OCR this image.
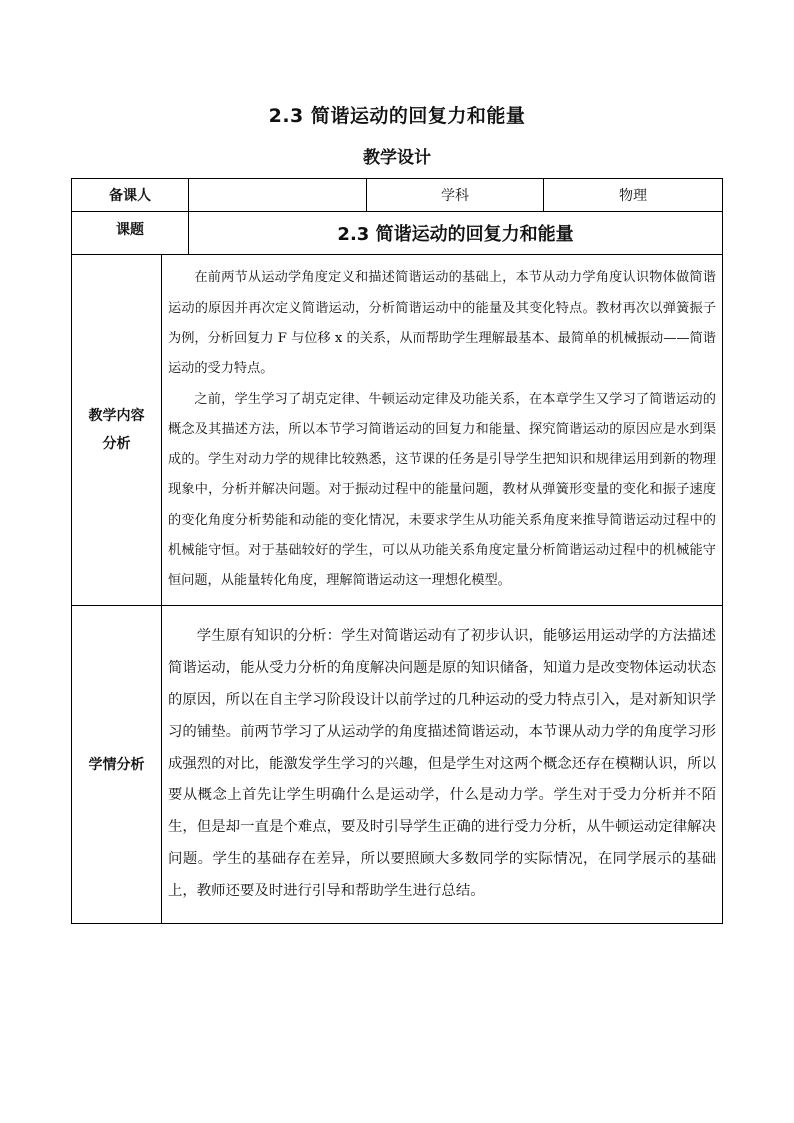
2.3 简谐运动的回复力和能量
教学设计
备课人			学科	物理
课题		2.3 简谐运动的回复力和能量		

教学内容分析	在前两节从运动学角度定义和描述简谐运动的基础上，本节从动力学角度认识物体做简谐运动的原因并再次定义简谐运动，分析简谐运动中的能量及其变化特点。教材再次以弹簧振子为例，分析回复力 F 与位移 x 的关系，从而帮助学生理解最基本、最简单的机械振动——简谐运动的受力特点。

之前，学生学习了胡克定律、牛顿运动定律及功能关系，在本章学生又学习了简谐运动的概念及其描述方法，所以本节学习简谐运动的回复力和能量、探究简谐运动的原因应是水到渠成的。学生对动力学的规律比较熟悉，这节课的任务是引导学生把知识和规律运用到新的物理现象中，分析并解决问题。对于振动过程中的能量问题，教材从弹簧形变量的变化和振子速度的变化角度分析势能和动能的变化情况，未要求学生从功能关系角度来推导简谐运动过程中的机械能守恒。对于基础较好的学生，可以从功能关系角度定量分析简谐运动过程中的机械能守恒问题，从能量转化角度，理解简谐运动这一理想化模型。			

学情分析	学生原有知识的分析：学生对简谐运动有了初步认识，能够运用运动学的方法描述简谐运动，能从受力分析的角度解决问题是原的知识储备，知道力是改变物体运动状态的原因，所以在自主学习阶段设计以前学过的几种运动的受力特点引入，是对新知识学习的铺垫。前两节学习了从运动学的角度描述简谐运动，本节课从动力学的角度学习形成强烈的对比，能激发学生学习的兴趣，但是学生对这两个概念还存在模糊认识，所以要从概念上首先让学生明确什么是运动学，什么是动力学。学生对于受力分析并不陌生，但是却一直是个难点，要及时引导学生正确的进行受力分析，从牛顿运动定律解决问题。学生的基础存在差异，所以要照顾大多数同学的实际情况，在同学展示的基础上，教师还要及时进行引导和帮助学生进行总结。			
